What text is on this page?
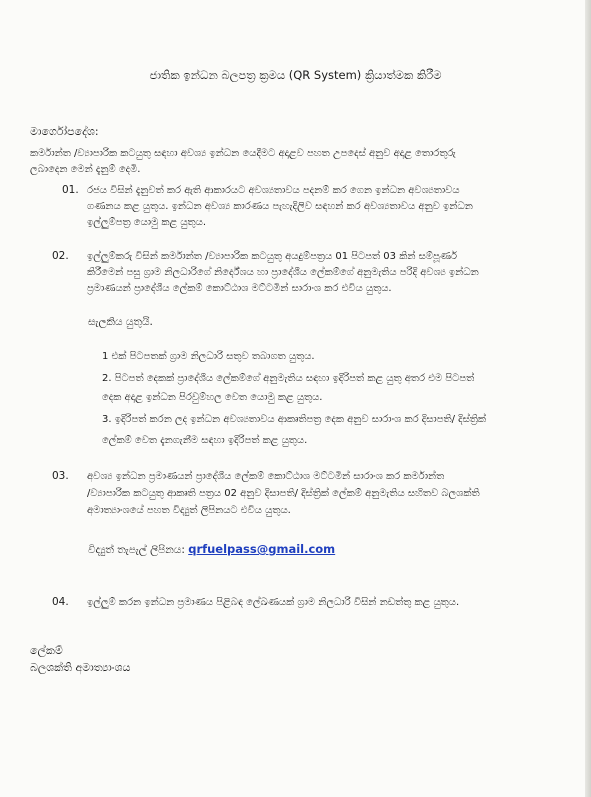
ජාතික ඉන්ධන බලපත්‍ර ක්‍රමය (QR System) ක්‍රියාත්මක කිරීම
මාර්ගෝපදේශ:
කර්මාන්ත /ව්‍යාපාරික කටයුතු සඳහා අවශ්‍ය ඉන්ධන යෙදීමට අදාළව පහත උපදෙස් අනුව අදාළ තොරතුරු
ලබාදෙන මෙන් දැනුම් දෙමි.
01. රජය විසින් දැනුවත් කර ඇති ආකාරයට අවශ්‍යතාවය පදනම් කර ගෙන ඉන්ධන අවශ්‍යතාවය
ගණනය කළ යුතුය. ඉන්ධන අවශ්‍ය කාරණය පැහැදිලිව සඳහන් කර අවශ්‍යතාවය අනුව ඉන්ධන
ඉල්ලුම්පත්‍ර යොමු කළ යුතුය.
02. ඉල්ලුම්කරු විසින් කර්මාන්ත /ව්‍යාපාරික කටයුතු අයදුම්පත්‍රය 01 පිටපත් 03 කින් සම්පූර්ණ
කිරීමෙන් පසු ග්‍රාම නිලධාරිගේ නිර්දේශය හා ප්‍රාදේශීය ලේකම්ගේ අනුමැතිය පරිදි අවශ්‍ය ඉන්ධන
ප්‍රමාණයන් ප්‍රාදේශීය ලේකම් කොට්ඨාශ මට්ටමින් සාරාංශ කර එවිය යුතුය.
සැලකිය යුතුයි.
1 එක් පිටපතක් ග්‍රාම නිලධාරි සතුව තබාගත යුතුය.
2. පිටපත් දෙකක් ප්‍රාදේශීය ලේකම්ගේ අනුමැතිය සඳහා ඉදිරිපත් කළ යුතු අතර එම පිටපත්
දෙක අදාළ ඉන්ධන පිරවුම්හල වෙත යොමු කළ යුතුය.
3. ඉදිරිපත් කරන ලද ඉන්ධන අවශ්‍යතාවය ආකෘතිපත්‍ර දෙක අනුව සාරාංශ කර දිසාපති/ දිස්ත්‍රික්
ලේකම් වෙත දැනගැනීම සඳහා ඉදිරිපත් කළ යුතුය.
03. අවශ්‍ය ඉන්ධන ප්‍රමාණයන් ප්‍රාදේශීය ලේකම් කොට්ඨාශ මට්ටමින් සාරාංශ කර කර්මාන්ත
/ව්‍යාපාරික කටයුතු ආකෘති පත්‍රය 02 අනුව දිසාපති/ දිස්ත්‍රික් ලේකම් අනුමැතිය සහිතව බලශක්ති
අමාත්‍යාංශයේ පහත විද්‍යුත් ලිපිනයට එවිය යුතුය.
විද්‍යුත් තැපැල් ලිපිනය: qrfuelpass@gmail.com
04. ඉල්ලුම් කරන ඉන්ධන ප්‍රමාණය පිළිබඳ ලේඛණයක් ග්‍රාම නිලධාරි විසින් නඩත්තු කළ යුතුය.
ලේකම්
බලශක්ති අමාත්‍යාංශය
